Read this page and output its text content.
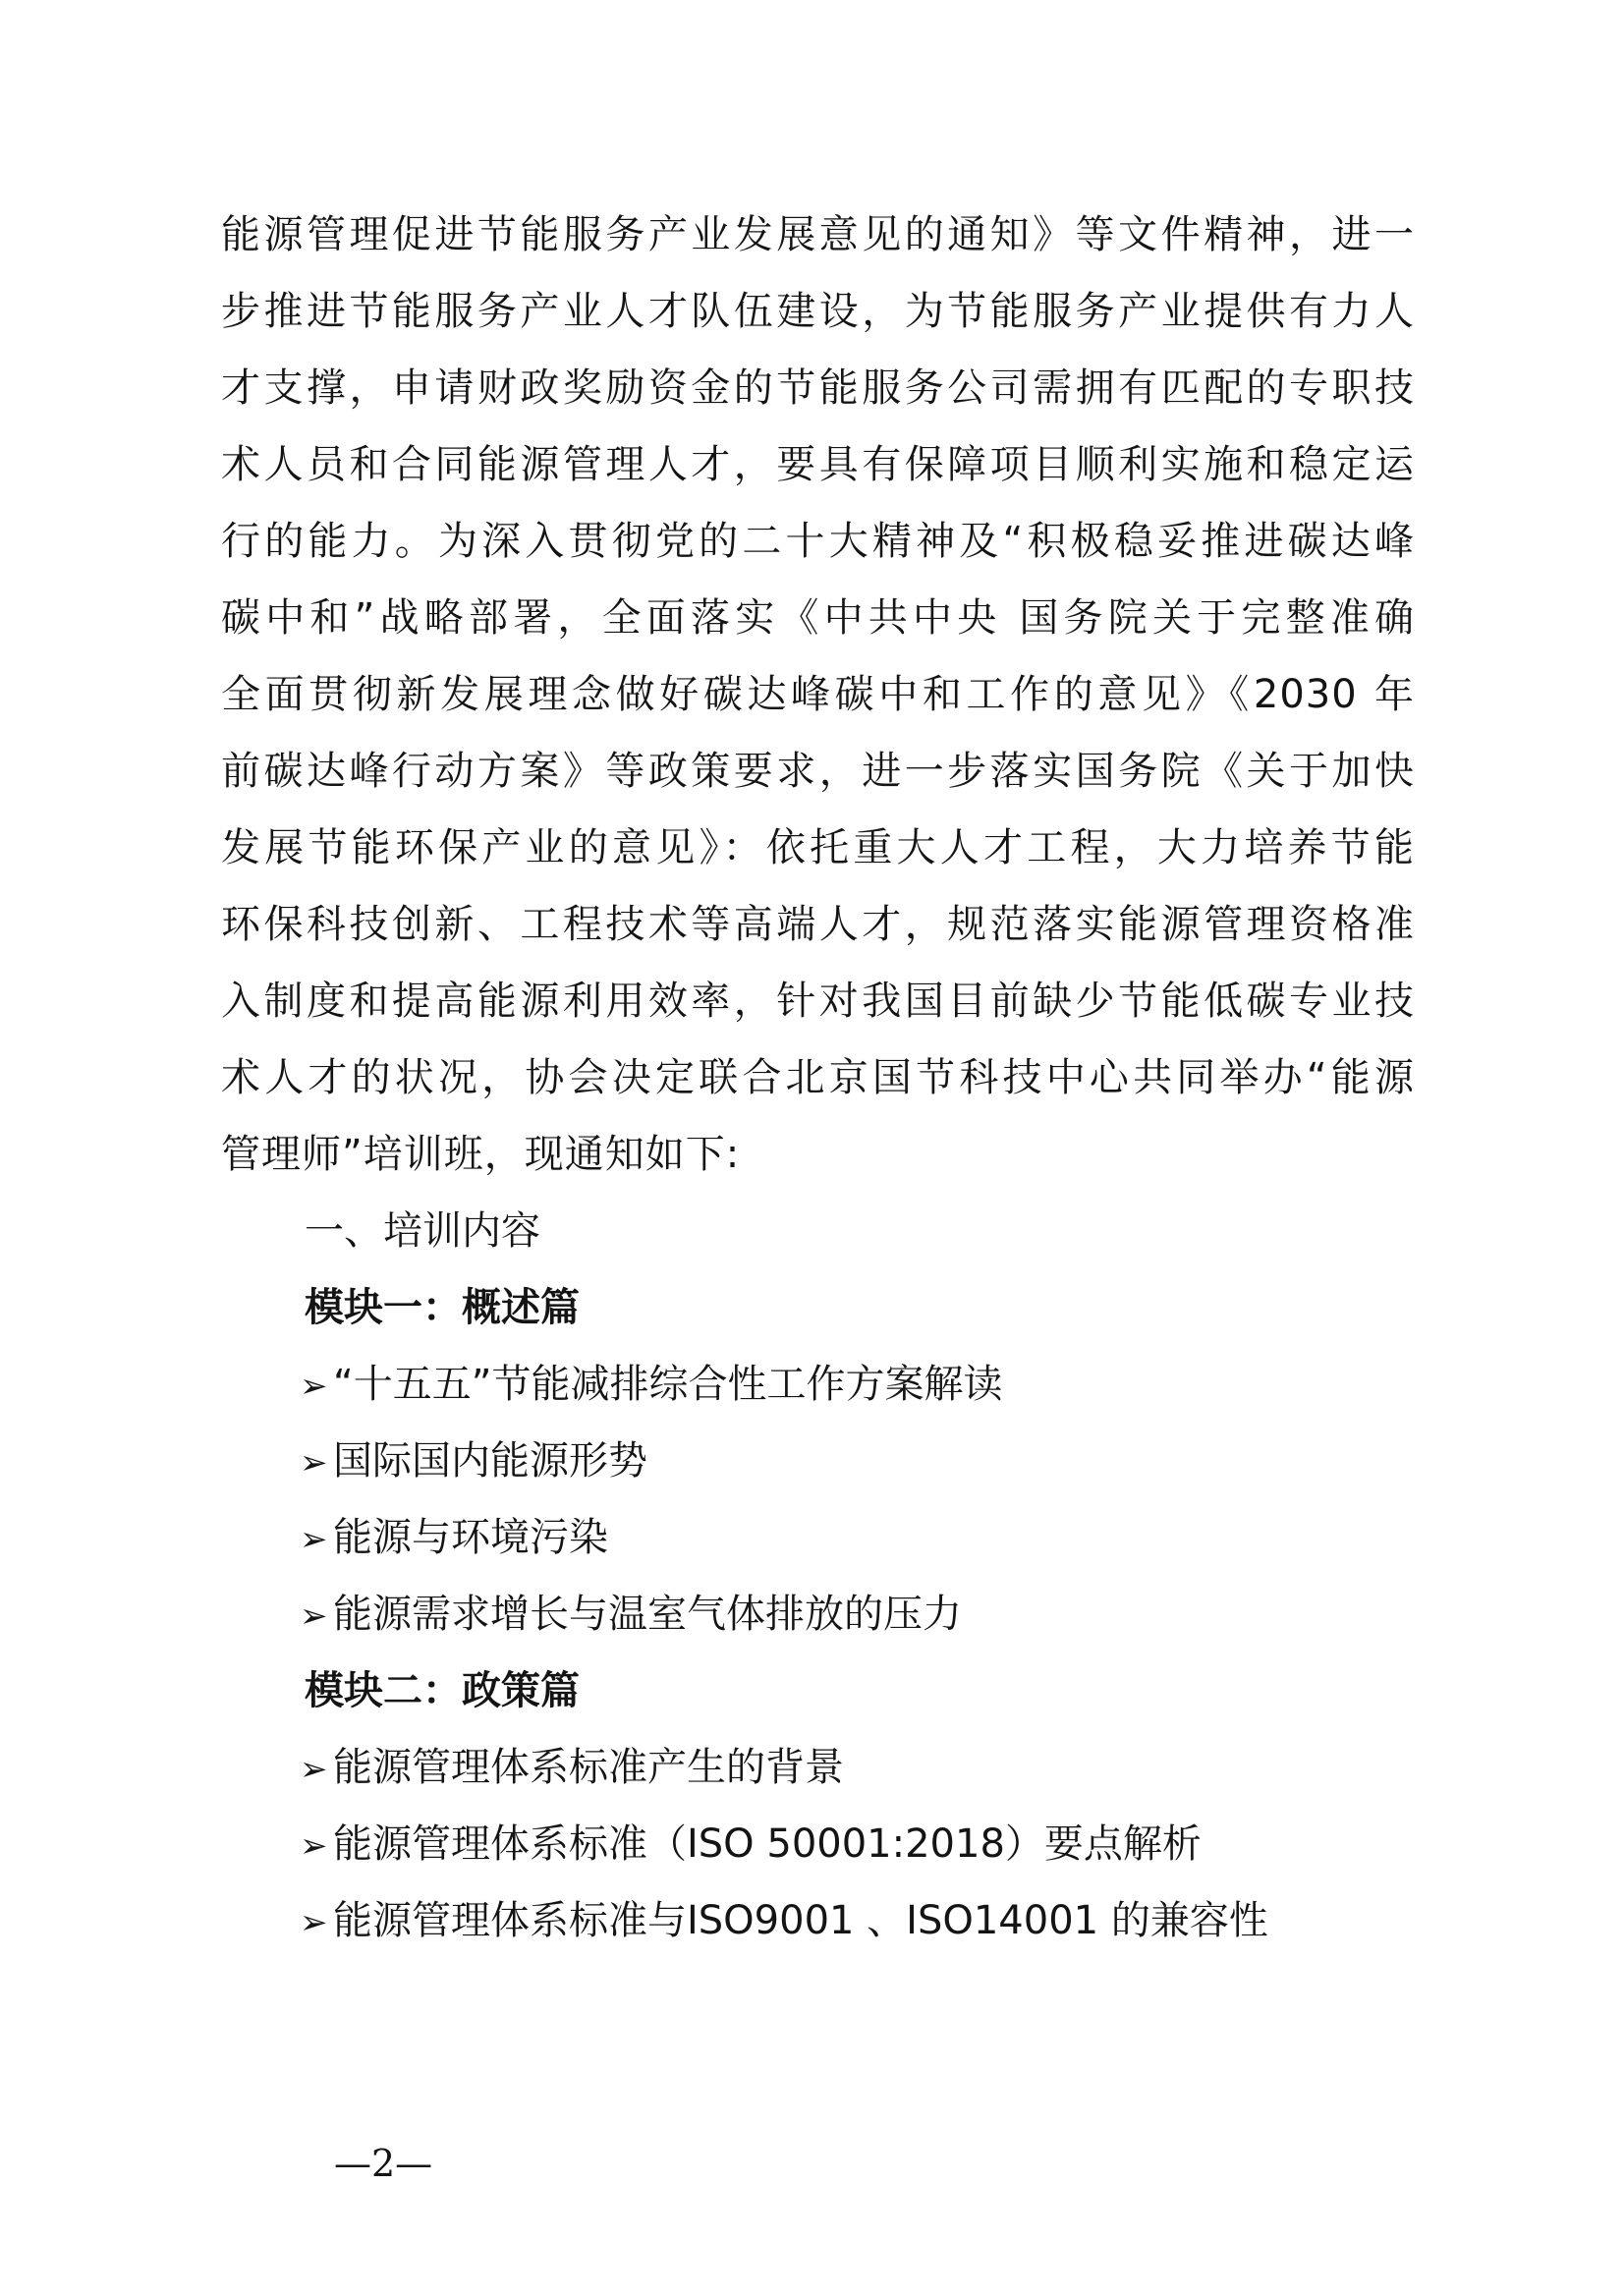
能源管理促进节能服务产业发展意见的通知》等文件精神，进一
步推进节能服务产业人才队伍建设，为节能服务产业提供有力人
才支撑，申请财政奖励资金的节能服务公司需拥有匹配的专职技
术人员和合同能源管理人才，要具有保障项目顺利实施和稳定运
行的能力。为深入贯彻党的二十大精神及“积极稳妥推进碳达峰
碳中和”战略部署，全面落实《中共中央 国务院关于完整准确
全面贯彻新发展理念做好碳达峰碳中和工作的意见》《2030 年
前碳达峰行动方案》等政策要求，进一步落实国务院《关于加快
发展节能环保产业的意见》：依托重大人才工程，大力培养节能
环保科技创新、工程技术等高端人才，规范落实能源管理资格准
入制度和提高能源利用效率，针对我国目前缺少节能低碳专业技
术人才的状况，协会决定联合北京国节科技中心共同举办“能源
管理师”培训班，现通知如下:
一、培训内容
模块一：概述篇
➢ “十五五”节能减排综合性工作方案解读
➢ 国际国内能源形势
➢ 能源与环境污染
➢ 能源需求增长与温室气体排放的压力
模块二：政策篇
➢ 能源管理体系标准产生的背景
➢ 能源管理体系标准（ISO 50001:2018）要点解析
➢ 能源管理体系标准与ISO9001 、ISO14001 的兼容性
—2—
